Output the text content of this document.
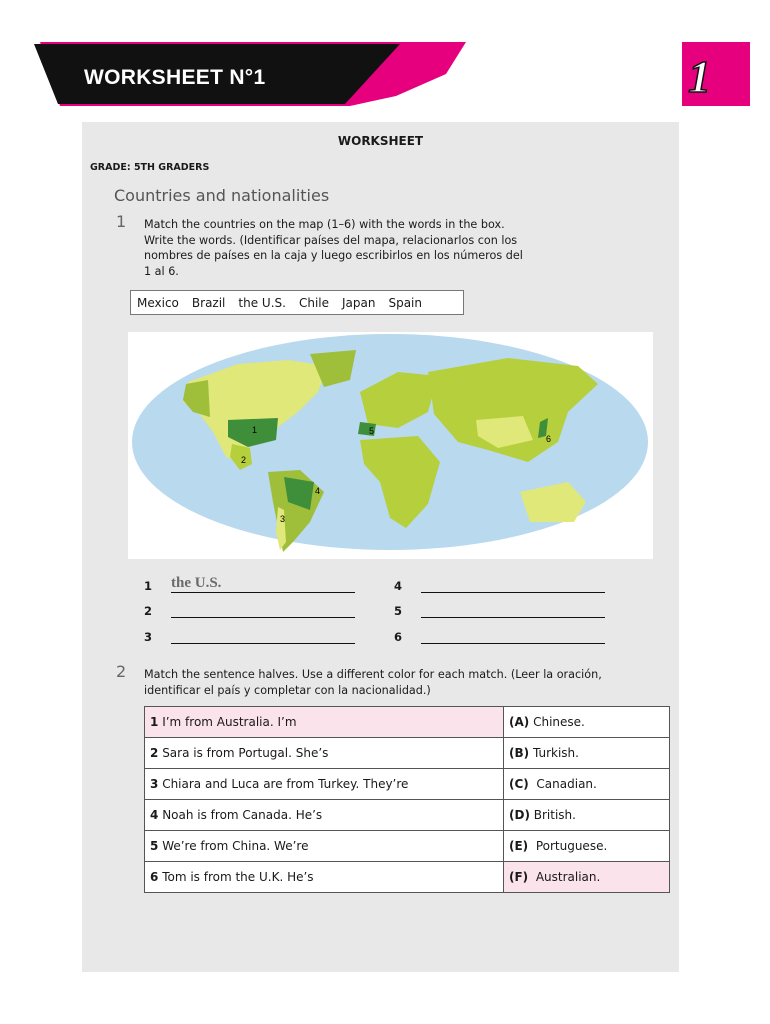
WORKSHEET N°1	1
WORKSHEET
GRADE: 5TH GRADERS
Countries and nationalities
1 Match the countries on the map (1–6) with the words in the box.
Write the words. (Identificar países del mapa, relacionarlos con los
nombres de países en la caja y luego escribirlos en los números del
1 al 6.
Mexico Brazil the U.S. Chile Japan Spain
1
2
3
4
5
6
1 the U.S.
2
3
4
5
6
2 Match the sentence halves. Use a different color for each match. (Leer la oración,
identificar el país y completar con la nacionalidad.)
1 I’m from Australia. I’m	(A) Chinese.
2 Sara is from Portugal. She’s	(B) Turkish.
3 Chiara and Luca are from Turkey. They’re	(C) Canadian.
4 Noah is from Canada. He’s	(D) British.
5 We’re from China. We’re	(E) Portuguese.
6 Tom is from the U.K. He’s	(F) Australian.
